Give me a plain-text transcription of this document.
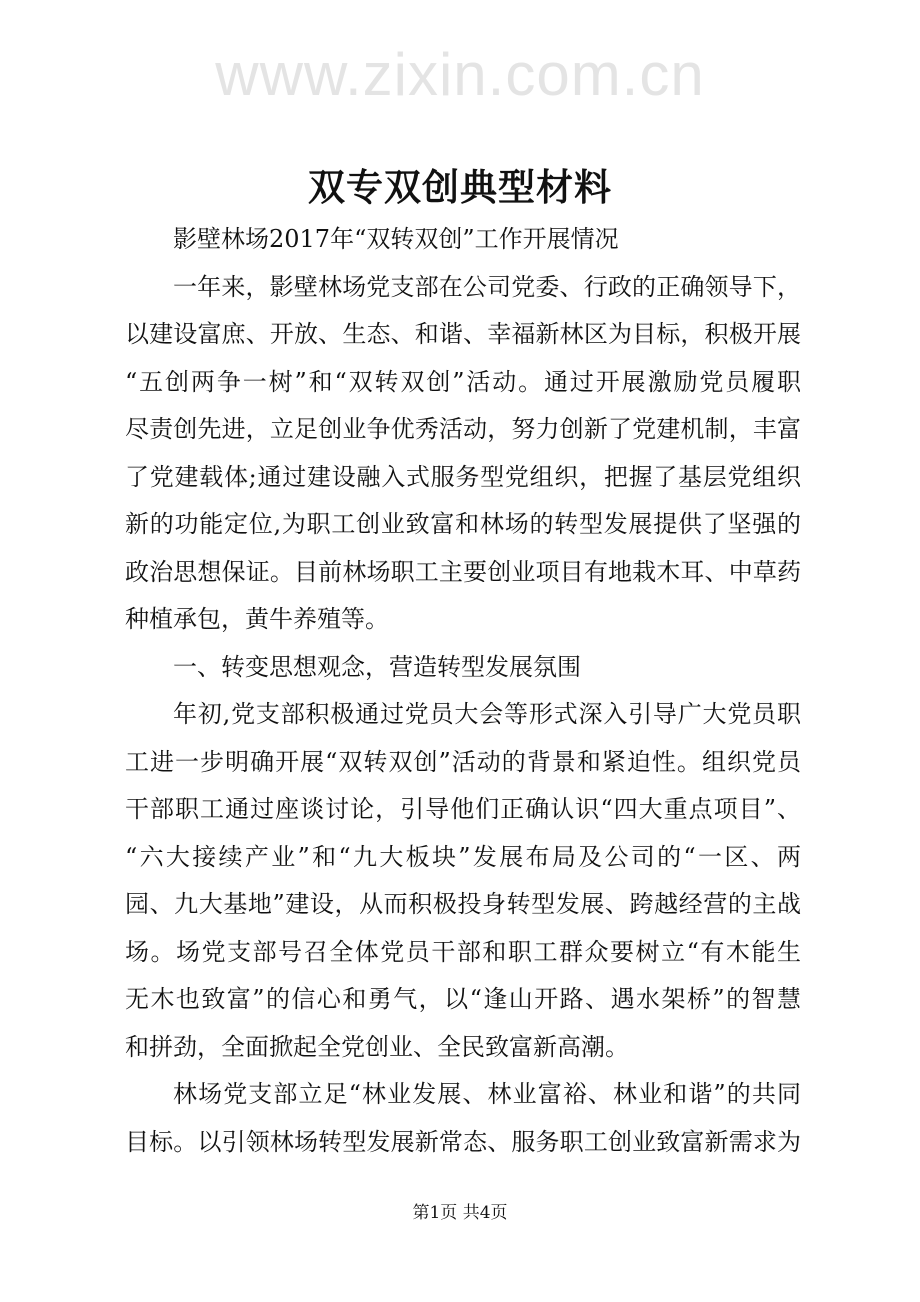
www.zixin.com.cn
双专双创典型材料
影壁林场2017年“双转双创”工作开展情况
一年来，影壁林场党支部在公司党委、行政的正确领导下，
以建设富庶、开放、生态、和谐、幸福新林区为目标，积极开展
“五创两争一树”和“双转双创”活动。通过开展激励党员履职
尽责创先进，立足创业争优秀活动，努力创新了党建机制，丰富
了党建载体;通过建设融入式服务型党组织，把握了基层党组织
新的功能定位,为职工创业致富和林场的转型发展提供了坚强的
政治思想保证。目前林场职工主要创业项目有地栽木耳、中草药
种植承包，黄牛养殖等。
一、转变思想观念，营造转型发展氛围
年初,党支部积极通过党员大会等形式深入引导广大党员职
工进一步明确开展“双转双创”活动的背景和紧迫性。组织党员
干部职工通过座谈讨论，引导他们正确认识“四大重点项目”、
“六大接续产业”和“九大板块”发展布局及公司的“一区、两
园、九大基地”建设，从而积极投身转型发展、跨越经营的主战
场。场党支部号召全体党员干部和职工群众要树立“有木能生
无木也致富”的信心和勇气，以“逢山开路、遇水架桥”的智慧
和拼劲，全面掀起全党创业、全民致富新高潮。
林场党支部立足“林业发展、林业富裕、林业和谐”的共同
目标。以引领林场转型发展新常态、服务职工创业致富新需求为
第1页 共4页
